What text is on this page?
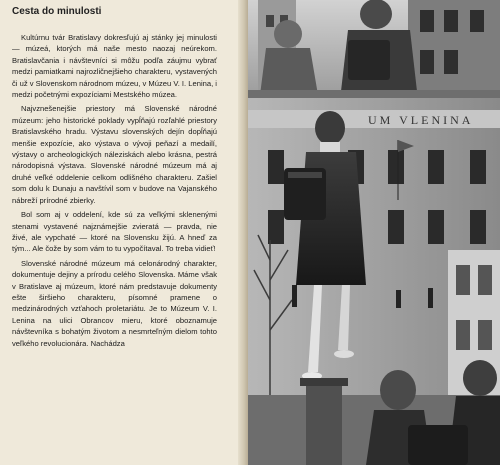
Cesta do minulosti

Kultúrnu tvár Bratislavy dokresľujú aj stánky jej minulosti — múzeá, ktorých má naše mesto naozaj neúrekom. Bratislavčania i návštevníci si môžu podľa záujmu vybrať medzi pamiatkami najrozličnejšieho charakteru, vystavených či už v Slovenskom národnom múzeu, v Múzeu V. I. Lenina, i medzi početnými expozíciami Mestského múzea.

Najvznešenejšie priestory má Slovenské národné múzeum: jeho historické poklady vypĺňajú rozľahlé priestory Bratislavského hradu. Výstavu slovenských dejín dopĺňajú menšie expozície, ako výstava o vývoji peňazí a medailí, výstavy o archeologických náleziskách alebo krásna, pestrá národopisná výstava. Slovenské národné múzeum má aj druhé veľké oddelenie celkom odlišného charakteru. Zašiel som dolu k Dunaju a navštívil som v budove na Vajanského nábreží prírodné zbierky.

Bol som aj v oddelení, kde sú za veľkými sklenenými stenami vystavené najznámejšie zvieratá — pravda, nie živé, ale vypchaté — ktoré na Slovensku žijú. A hneď za tým... Ale čože by som vám to tu vypočítaval. To treba vidieť!

Slovenské národné múzeum má celonárodný charakter, dokumentuje dejiny a prírodu celého Slovenska. Máme však v Bratislave aj múzeum, ktoré nám predstavuje dokumenty ešte širšieho charakteru, písomné pramene o medzinárodných vzťahoch proletariátu. Je to Múzeum V. I. Lenina na ulici Obrancov mieru, ktoré oboznamuje návštevníka s bohatým životom a nesmrteľným dielom tohto veľkého revolucionára. Nachádza

UM VLENINA
